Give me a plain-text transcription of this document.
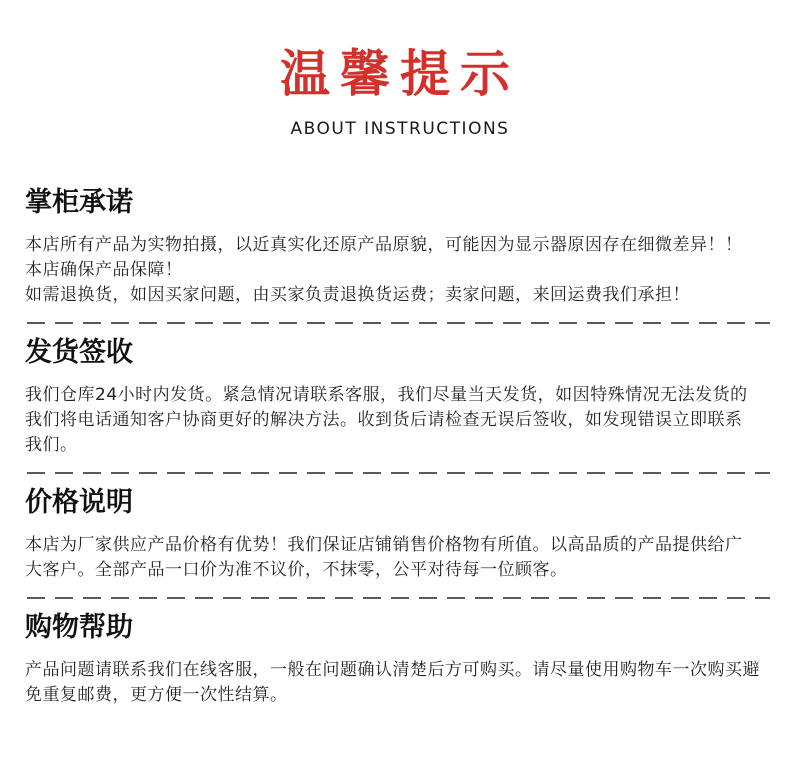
温馨提示
ABOUT INSTRUCTIONS
掌柜承诺
本店所有产品为实物拍摄，以近真实化还原产品原貌，可能因为显示器原因存在细微差异！！
本店确保产品保障！
如需退换货，如因买家问题，由买家负责退换货运费；卖家问题，来回运费我们承担！
发货签收
我们仓库24小时内发货。紧急情况请联系客服，我们尽量当天发货，如因特殊情况无法发货的
我们将电话通知客户协商更好的解决方法。收到货后请检查无误后签收，如发现错误立即联系
我们。
价格说明
本店为厂家供应产品价格有优势！我们保证店铺销售价格物有所值。以高品质的产品提供给广
大客户。全部产品一口价为准不议价，不抹零，公平对待每一位顾客。
购物帮助
产品问题请联系我们在线客服，一般在问题确认清楚后方可购买。请尽量使用购物车一次购买避
免重复邮费，更方便一次性结算。
